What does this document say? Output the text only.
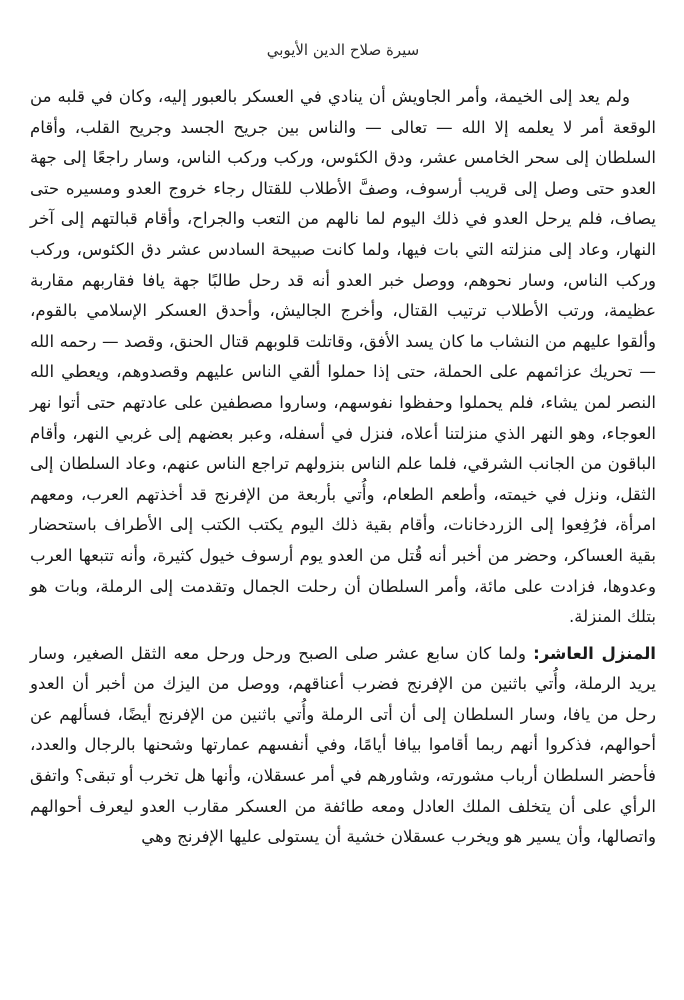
سيرة صلاح الدين الأيوبي

ولم يعد إلى الخيمة، وأمر الجاويش أن ينادي في العسكر بالعبور إليه، وكان في قلبه من الوقعة أمر لا يعلمه إلا الله — تعالى — والناس بين جريح الجسد وجريح القلب، وأقام السلطان إلى سحر الخامس عشر، ودق الكئوس، وركب وركب الناس، وسار راجعًا إلى جهة العدو حتى وصل إلى قريب أرسوف، وصفَّ الأطلاب للقتال رجاء خروج العدو ومسيره حتى يصاف، فلم يرحل العدو في ذلك اليوم لما نالهم من التعب والجراح، وأقام قبالتهم إلى آخر النهار، وعاد إلى منزلته التي بات فيها، ولما كانت صبيحة السادس عشر دق الكئوس، وركب وركب الناس، وسار نحوهم، ووصل خبر العدو أنه قد رحل طالبًا جهة يافا فقاربهم مقاربة عظيمة، ورتب الأطلاب ترتيب القتال، وأخرج الجاليش، وأحدق العسكر الإسلامي بالقوم، وألقوا عليهم من النشاب ما كان يسد الأفق، وقاتلت قلوبهم قتال الحنق، وقصد — رحمه الله — تحريك عزائمهم على الحملة، حتى إذا حملوا ألقي الناس عليهم وقصدوهم، ويعطي الله النصر لمن يشاء، فلم يحملوا وحفظوا نفوسهم، وساروا مصطفين على عادتهم حتى أتوا نهر العوجاء، وهو النهر الذي منزلتنا أعلاه، فنزل في أسفله، وعبر بعضهم إلى غربي النهر، وأقام الباقون من الجانب الشرقي، فلما علم الناس بنزولهم تراجع الناس عنهم، وعاد السلطان إلى الثقل، ونزل في خيمته، وأطعم الطعام، وأُتي بأربعة من الإفرنج قد أخذتهم العرب، ومعهم امرأة، فرُفِعوا إلى الزردخانات، وأقام بقية ذلك اليوم يكتب الكتب إلى الأطراف باستحضار بقية العساكر، وحضر من أخبر أنه قُتل من العدو يوم أرسوف خيول كثيرة، وأنه تتبعها العرب وعدوها، فزادت على مائة، وأمر السلطان أن رحلت الجمال وتقدمت إلى الرملة، وبات هو بتلك المنزلة.

المنزل العاشر: ولما كان سابع عشر صلى الصبح ورحل ورحل معه الثقل الصغير، وسار يريد الرملة، وأُتي باثنين من الإفرنج فضرب أعناقهم، ووصل من اليزك من أخبر أن العدو رحل من يافا، وسار السلطان إلى أن أتى الرملة وأُتي باثنين من الإفرنج أيضًا، فسألهم عن أحوالهم، فذكروا أنهم ربما أقاموا بيافا أيامًا، وفي أنفسهم عمارتها وشحنها بالرجال والعدد، فأحضر السلطان أرباب مشورته، وشاورهم في أمر عسقلان، وأنها هل تخرب أو تبقى؟ واتفق الرأي على أن يتخلف الملك العادل ومعه طائفة من العسكر مقارب العدو ليعرف أحوالهم واتصالها، وأن يسير هو ويخرب عسقلان خشية أن يستولى عليها الإفرنج وهي
